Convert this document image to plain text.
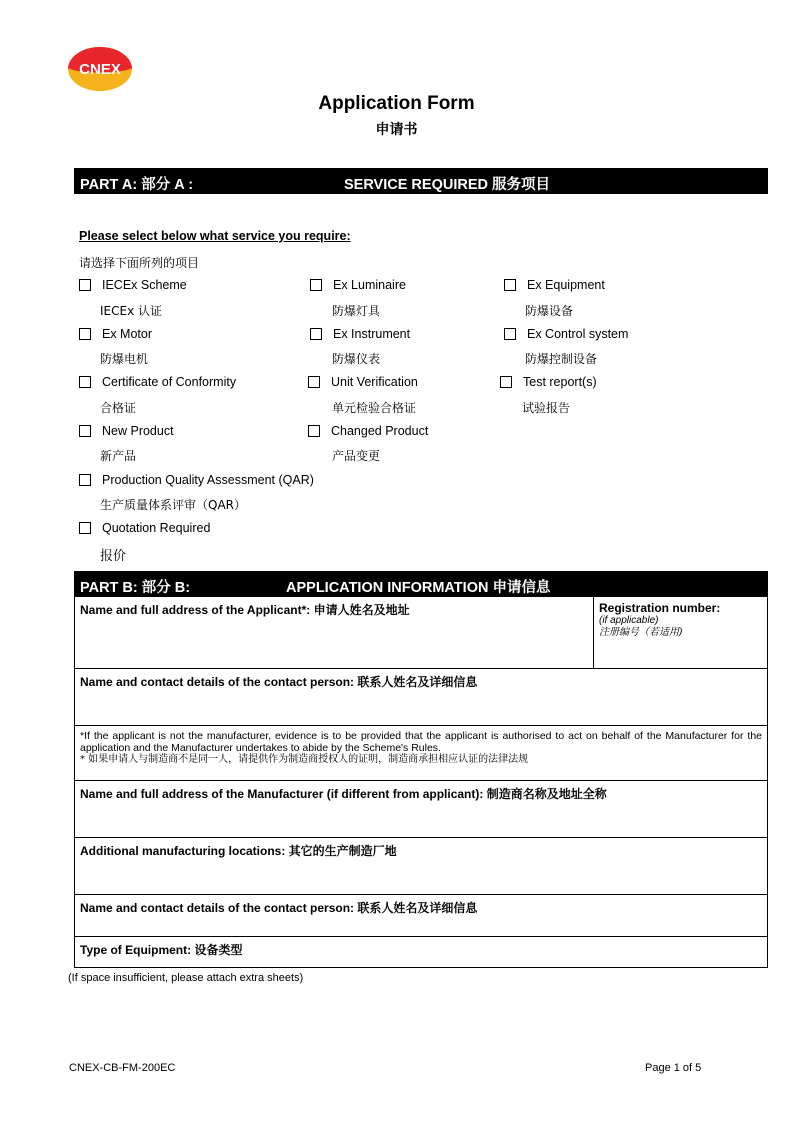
CNEX
Application Form
申请书
PART A: 部分 A :	SERVICE REQUIRED 服务项目
Please select below what service you require:
请选择下面所列的项目
IECEx Scheme
IECEx 认证
Ex Luminaire
防爆灯具
Ex Equipment
防爆设备
Ex Motor
防爆电机
Ex Instrument
防爆仪表
Ex Control system
防爆控制设备
Certificate of Conformity
合格证
Unit Verification
单元检验合格证
Test report(s)
试验报告
New Product
新产品
Changed Product
产品变更
Production Quality Assessment (QAR)
生产质量体系评审（QAR）
Quotation Required
报价
PART B: 部分 B:	APPLICATION INFORMATION 申请信息
Name and full address of the Applicant*: 申请人姓名及地址	Registration number:
(if applicable)
注册编号（若适用)

Name and contact details of the contact person: 联系人姓名及详细信息

*If the applicant is not the manufacturer, evidence is to be provided that the applicant is authorised to act on behalf of the Manufacturer for the application and the Manufacturer undertakes to abide by the Scheme's Rules.
* 如果申请人与制造商不是同一人，请提供作为制造商授权人的证明，制造商承担相应认证的法律法规

Name and full address of the Manufacturer (if different from applicant): 制造商名称及地址全称

Additional manufacturing locations: 其它的生产制造厂地

Name and contact details of the contact person: 联系人姓名及详细信息

Type of Equipment: 设备类型
(If space insufficient, please attach extra sheets)
CNEX-CB-FM-200EC	Page 1 of 5
